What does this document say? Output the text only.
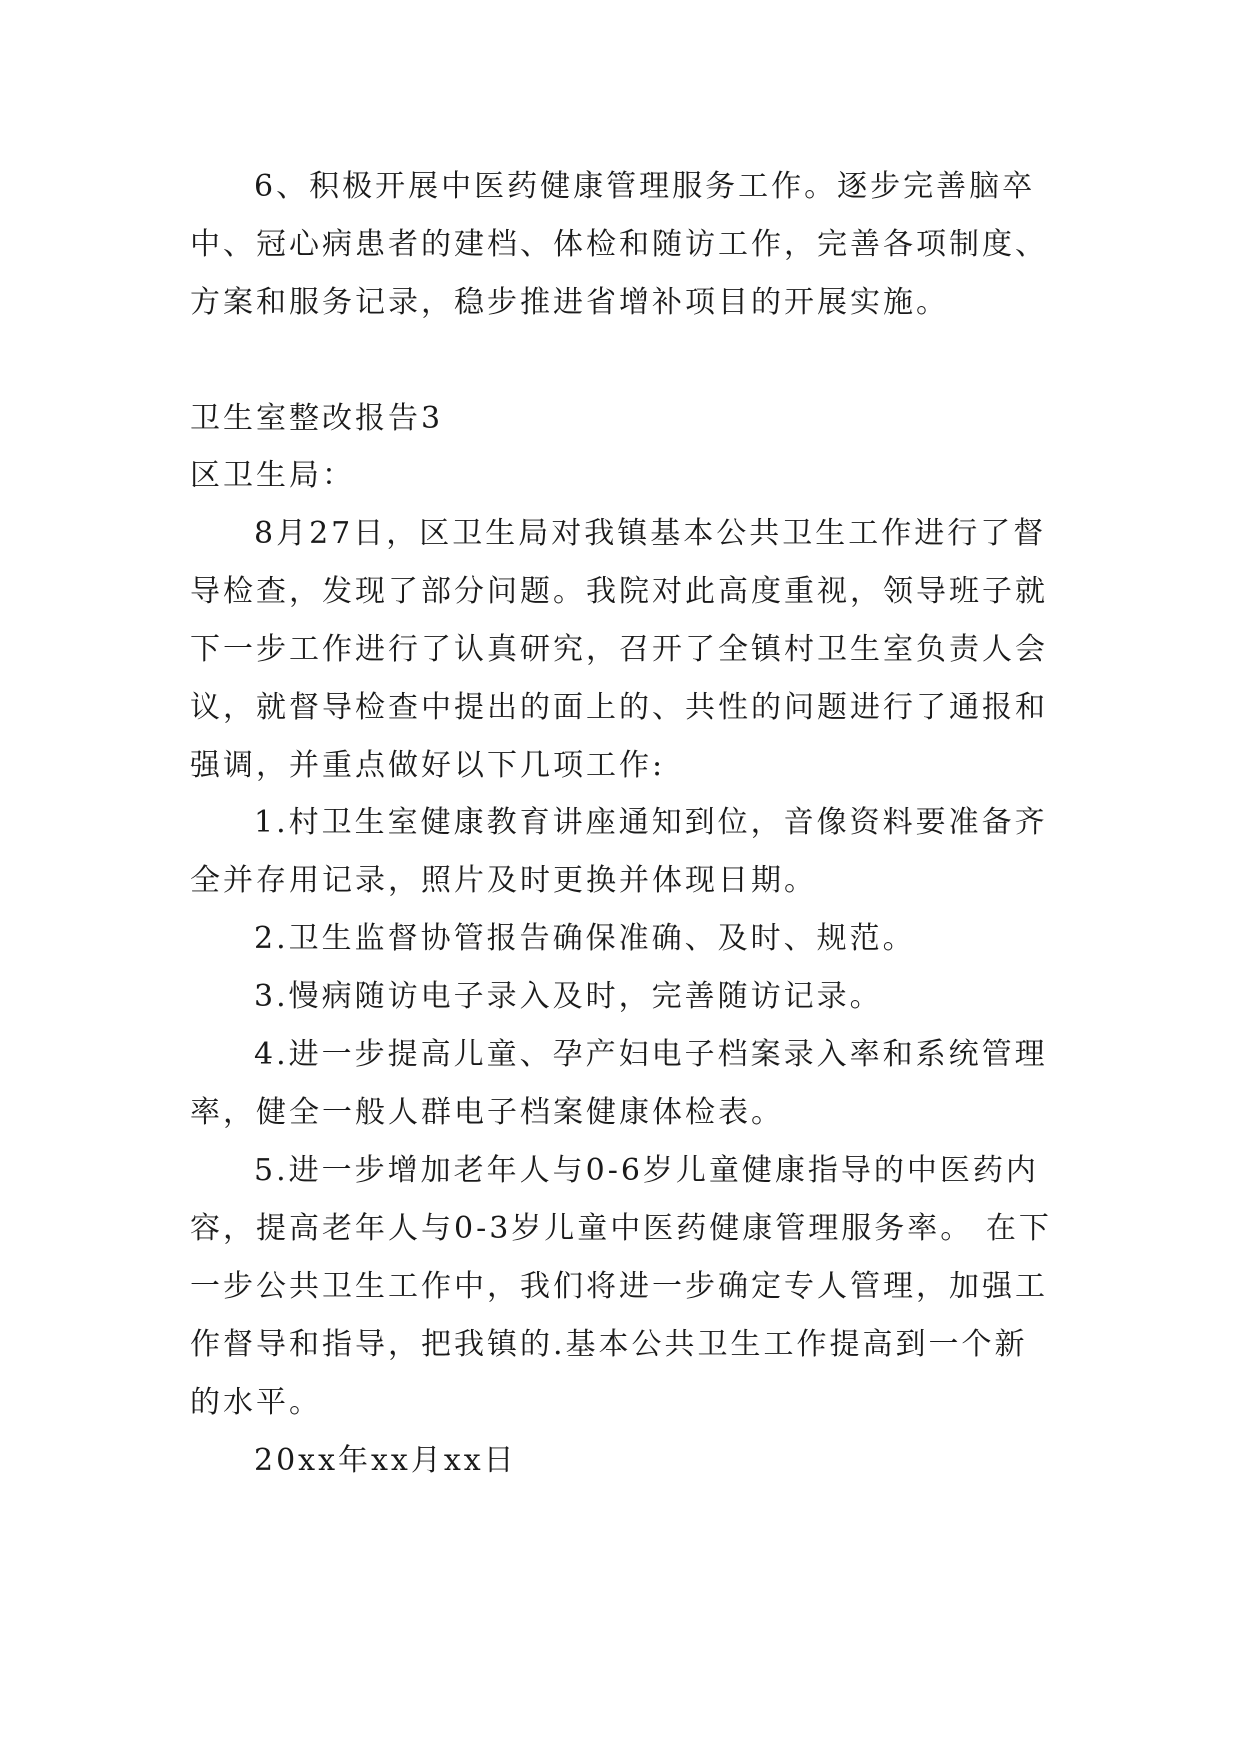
6、积极开展中医药健康管理服务工作。逐步完善脑卒中、冠心病患者的建档、体检和随访工作，完善各项制度、方案和服务记录，稳步推进省增补项目的开展实施。

卫生室整改报告3
区卫生局：

8月27日，区卫生局对我镇基本公共卫生工作进行了督导检查，发现了部分问题。我院对此高度重视，领导班子就下一步工作进行了认真研究，召开了全镇村卫生室负责人会议，就督导检查中提出的面上的、共性的问题进行了通报和强调，并重点做好以下几项工作:

1.村卫生室健康教育讲座通知到位，音像资料要准备齐全并存用记录，照片及时更换并体现日期。

2.卫生监督协管报告确保准确、及时、规范。

3.慢病随访电子录入及时，完善随访记录。

4.进一步提高儿童、孕产妇电子档案录入率和系统管理率，健全一般人群电子档案健康体检表。

5.进一步增加老年人与0-6岁儿童健康指导的中医药内容，提高老年人与0-3岁儿童中医药健康管理服务率。 在下一步公共卫生工作中，我们将进一步确定专人管理，加强工作督导和指导，把我镇的.基本公共卫生工作提高到一个新的水平。

20xx年xx月xx日
